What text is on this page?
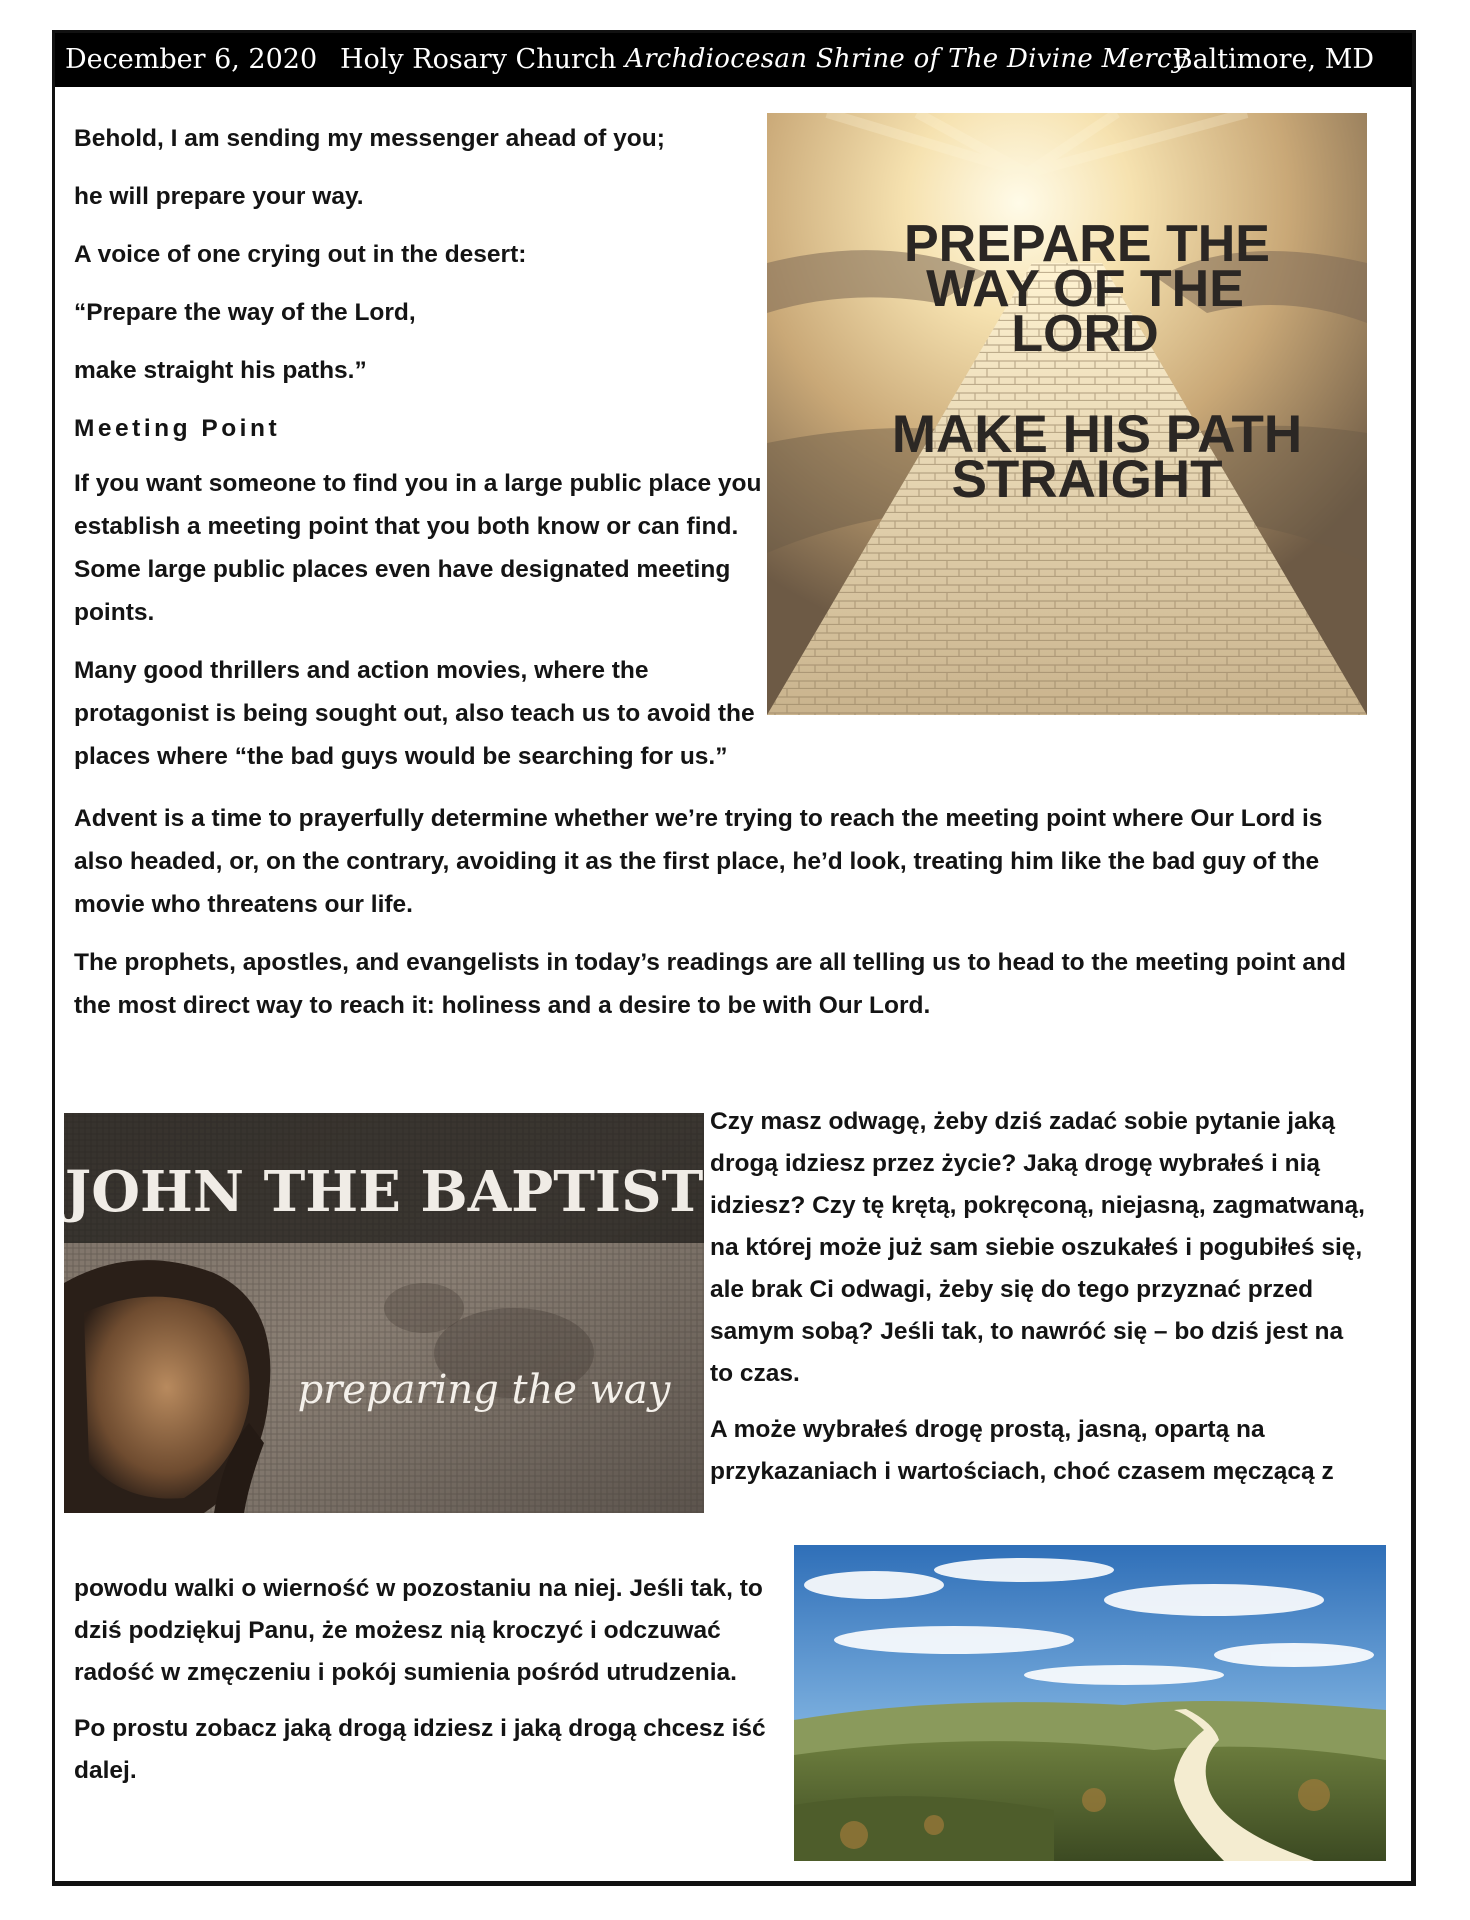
December 6, 2020 Holy Rosary Church Archdiocesan Shrine of The Divine Mercy
Baltimore, MD

Behold, I am sending my messenger ahead of you;

he will prepare your way.

A voice of one crying out in the desert:

“Prepare the way of the Lord,

make straight his paths.”

Meeting Point

If you want someone to find you in a large public place you establish a meeting point that you both know or can find. Some large public places even have designated meeting points.

Many good thrillers and action movies, where the protagonist is being sought out, also teach us to avoid the places where “the bad guys would be searching for us.”

Advent is a time to prayerfully determine whether we’re trying to reach the meeting point where Our Lord is also headed, or, on the contrary, avoiding it as the first place, he’d look, treating him like the bad guy of the movie who threatens our life.

The prophets, apostles, and evangelists in today’s readings are all telling us to head to the meeting point and the most direct way to reach it: holiness and a desire to be with Our Lord.

PREPARE THE
WAY OF THE
LORD
MAKE HIS PATH
STRAIGHT
JOHN THE BAPTIST
preparing the way

Czy masz odwagę, żeby dziś zadać sobie pytanie jaką drogą idziesz przez życie? Jaką drogę wybrałeś i nią idziesz? Czy tę krętą, pokręconą, niejasną, zagmatwaną, na której może już sam siebie oszukałeś i pogubiłeś się, ale brak Ci odwagi, żeby się do tego przyznać przed samym sobą? Jeśli tak, to nawróć się – bo dziś jest na to czas.

A może wybrałeś drogę prostą, jasną, opartą na przykazaniach i wartościach, choć czasem męczącą z

powodu walki o wierność w pozostaniu na niej. Jeśli tak, to dziś podziękuj Panu, że możesz nią kroczyć i odczuwać radość w zmęczeniu i pokój sumienia pośród utrudzenia.

Po prostu zobacz jaką drogą idziesz i jaką drogą chcesz iść dalej.
